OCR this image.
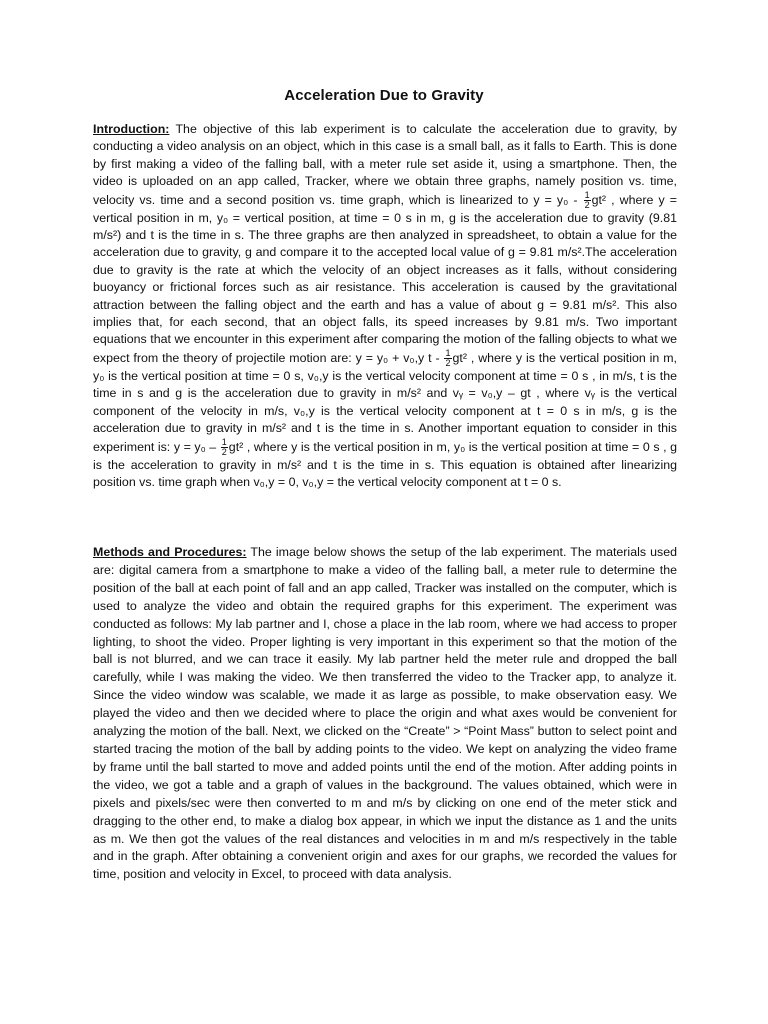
Acceleration Due to Gravity
Introduction: The objective of this lab experiment is to calculate the acceleration due to gravity, by conducting a video analysis on an object, which in this case is a small ball, as it falls to Earth. This is done by first making a video of the falling ball, with a meter rule set aside it, using a smartphone. Then, the video is uploaded on an app called, Tracker, where we obtain three graphs, namely position vs. time, velocity vs. time and a second position vs. time graph, which is linearized to $y = y_0 - \frac{1}{2} gt^2$ , where y = vertical position in m, y₀ = vertical position, at time = 0 s in m, g is the acceleration due to gravity (9.81 m/s²) and t is the time in s. The three graphs are then analyzed in spreadsheet, to obtain a value for the acceleration due to gravity, g and compare it to the accepted local value of g = 9.81 m/s².The acceleration due to gravity is the rate at which the velocity of an object increases as it falls, without considering buoyancy or frictional forces such as air resistance. This acceleration is caused by the gravitational attraction between the falling object and the earth and has a value of about g = 9.81 m/s². This also implies that, for each second, that an object falls, its speed increases by 9.81 m/s. Two important equations that we encounter in this experiment after comparing the motion of the falling objects to what we expect from the theory of projectile motion are: y = y₀ + v₀,y t - $\frac{1}{2} gt^2$ , where y is the vertical position in m, y₀ is the vertical position at time = 0 s, v₀,y is the vertical velocity component at time = 0 s , in m/s, t is the time in s and g is the acceleration due to gravity in m/s² and vᵧ = v₀,y – gt , where vᵧ is the vertical component of the velocity in m/s, v₀,y is the vertical velocity component at t = 0 s in m/s, g is the acceleration due to gravity in m/s² and t is the time in s. Another important equation to consider in this experiment is: $y = y_0 - \frac{1}{2} gt^2$ , where y is the vertical position in m, y₀ is the vertical position at time = 0 s , g is the acceleration to gravity in m/s² and t is the time in s. This equation is obtained after linearizing position vs. time graph when v₀,y = 0, v₀,y = the vertical velocity component at t = 0 s.
Methods and Procedures: The image below shows the setup of the lab experiment. The materials used are: digital camera from a smartphone to make a video of the falling ball, a meter rule to determine the position of the ball at each point of fall and an app called, Tracker was installed on the computer, which is used to analyze the video and obtain the required graphs for this experiment. The experiment was conducted as follows: My lab partner and I, chose a place in the lab room, where we had access to proper lighting, to shoot the video. Proper lighting is very important in this experiment so that the motion of the ball is not blurred, and we can trace it easily. My lab partner held the meter rule and dropped the ball carefully, while I was making the video. We then transferred the video to the Tracker app, to analyze it. Since the video window was scalable, we made it as large as possible, to make observation easy. We played the video and then we decided where to place the origin and what axes would be convenient for analyzing the motion of the ball. Next, we clicked on the “Create” > “Point Mass” button to select point and started tracing the motion of the ball by adding points to the video. We kept on analyzing the video frame by frame until the ball started to move and added points until the end of the motion. After adding points in the video, we got a table and a graph of values in the background. The values obtained, which were in pixels and pixels/sec were then converted to m and m/s by clicking on one end of the meter stick and dragging to the other end, to make a dialog box appear, in which we input the distance as 1 and the units as m. We then got the values of the real distances and velocities in m and m/s respectively in the table and in the graph. After obtaining a convenient origin and axes for our graphs, we recorded the values for time, position and velocity in Excel, to proceed with data analysis.
